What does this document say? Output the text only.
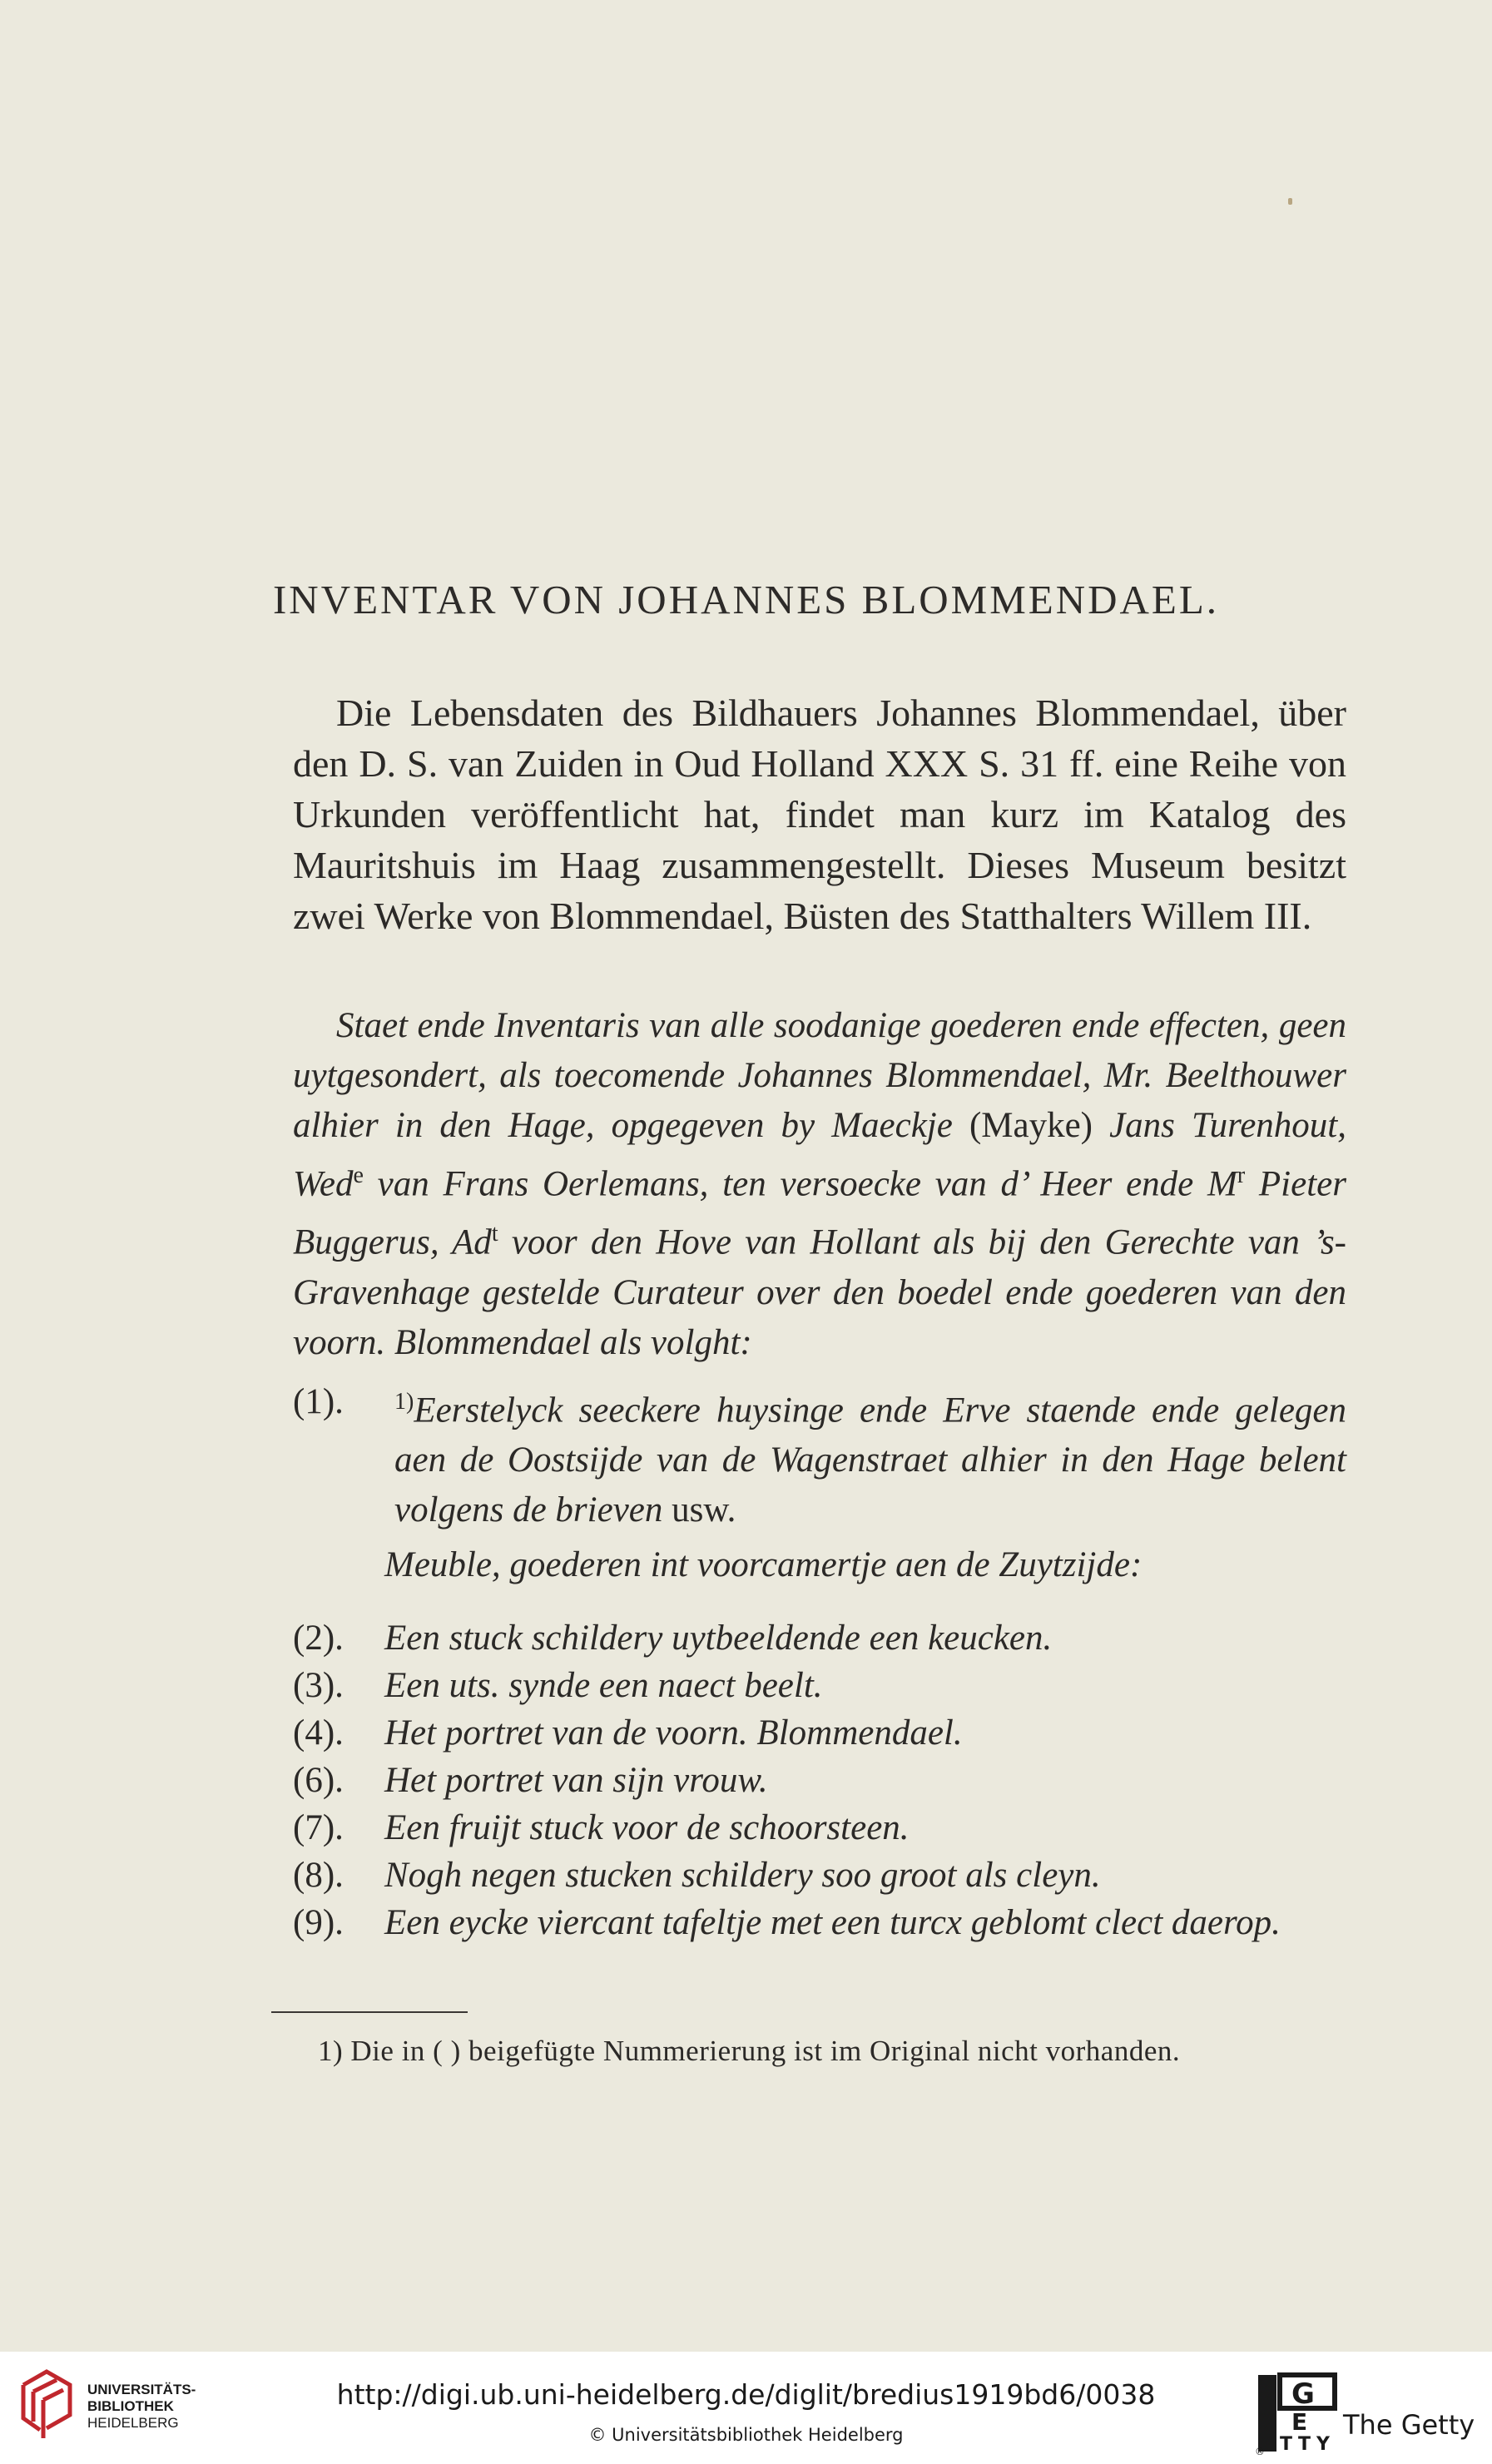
INVENTAR VON JOHANNES BLOMMENDAEL.

Die Lebensdaten des Bildhauers Johannes Blommendael, über den D. S. van Zuiden in Oud Holland XXX S. 31 ff. eine Reihe von Urkunden veröffentlicht hat, findet man kurz im Katalog des Mauritshuis im Haag zusammengestellt. Dieses Museum besitzt zwei Werke von Blommendael, Büsten des Statthalters Willem III.

Staet ende Inventaris van alle soodanige goederen ende effecten, geen uytgesondert, als toecomende Johannes Blommendael, Mr. Beelthouwer alhier in den Hage, opgegeven by Maeckje (Mayke) Jans Turenhout, Wed$^e$ van Frans Oerlemans, ten versoecke van d’ Heer ende $M^r$ Pieter Buggerus, Ad$^t$ voor den Hove van Hollant als bij den Gerechte van ’s-Gravenhage gestelde Curateur over den boedel ende goederen van den voorn. Blommendael als volght:

(1). $^{1)}$Eerstelyck seeckere huysinge ende Erve staende ende gelegen aen de Oostsijde van de Wagenstraet alhier in den Hage belent volgens de brieven usw.
Meuble, goederen int voorcamertje aen de Zuytzijde:
(2). Een stuck schildery uytbeeldende een keucken.
(3). Een uts. synde een naect beelt.
(4). Het portret van de voorn. Blommendael.
(6). Het portret van sijn vrouw.
(7). Een fruijt stuck voor de schoorsteen.
(8). Nogh negen stucken schildery soo groot als cleyn.
(9). Een eycke viercant tafeltje met een turcx geblomt clect daerop.
1) Die in ( ) beigefügte Nummerierung ist im Original nicht vorhanden.
UNIVERSITÄTS-
BIBLIOTHEK
HEIDELBERG
http://digi.ub.uni-heidelberg.de/diglit/bredius1919bd6/0038
© Universitätsbibliothek Heidelberg
G
E
T T Y
®
The Getty
